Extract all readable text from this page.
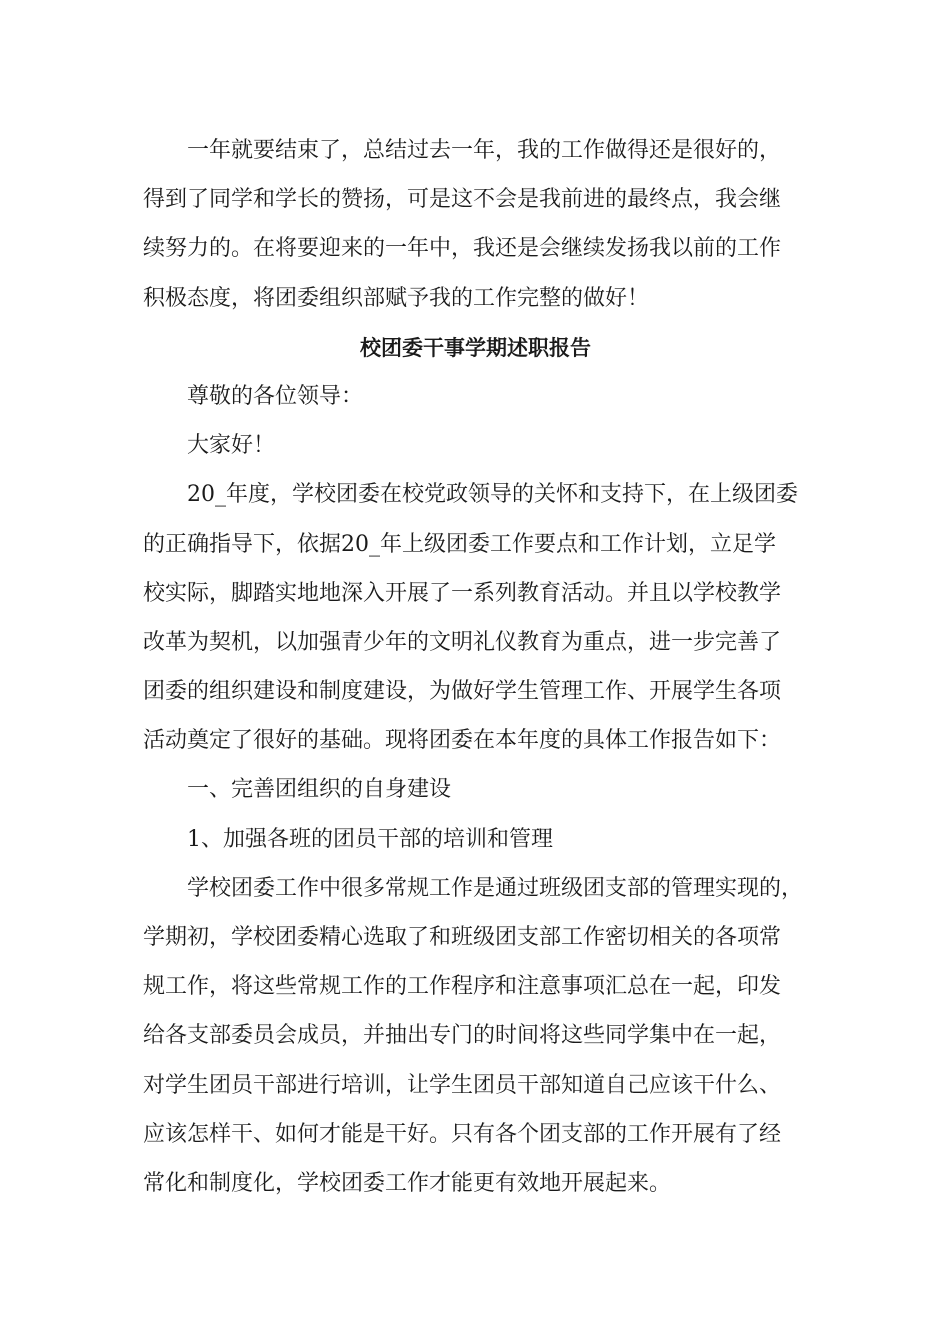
一年就要结束了，总结过去一年，我的工作做得还是很好的，
得到了同学和学长的赞扬，可是这不会是我前进的最终点，我会继
续努力的。在将要迎来的一年中，我还是会继续发扬我以前的工作
积极态度，将团委组织部赋予我的工作完整的做好！
校团委干事学期述职报告
尊敬的各位领导：
大家好！
20_年度，学校团委在校党政领导的关怀和支持下，在上级团委
的正确指导下，依据20_年上级团委工作要点和工作计划，立足学
校实际，脚踏实地地深入开展了一系列教育活动。并且以学校教学
改革为契机，以加强青少年的文明礼仪教育为重点，进一步完善了
团委的组织建设和制度建设，为做好学生管理工作、开展学生各项
活动奠定了很好的基础。现将团委在本年度的具体工作报告如下：
一、完善团组织的自身建设
1、加强各班的团员干部的培训和管理
学校团委工作中很多常规工作是通过班级团支部的管理实现的，
学期初，学校团委精心选取了和班级团支部工作密切相关的各项常
规工作，将这些常规工作的工作程序和注意事项汇总在一起，印发
给各支部委员会成员，并抽出专门的时间将这些同学集中在一起，
对学生团员干部进行培训，让学生团员干部知道自己应该干什么、
应该怎样干、如何才能是干好。只有各个团支部的工作开展有了经
常化和制度化，学校团委工作才能更有效地开展起来。
